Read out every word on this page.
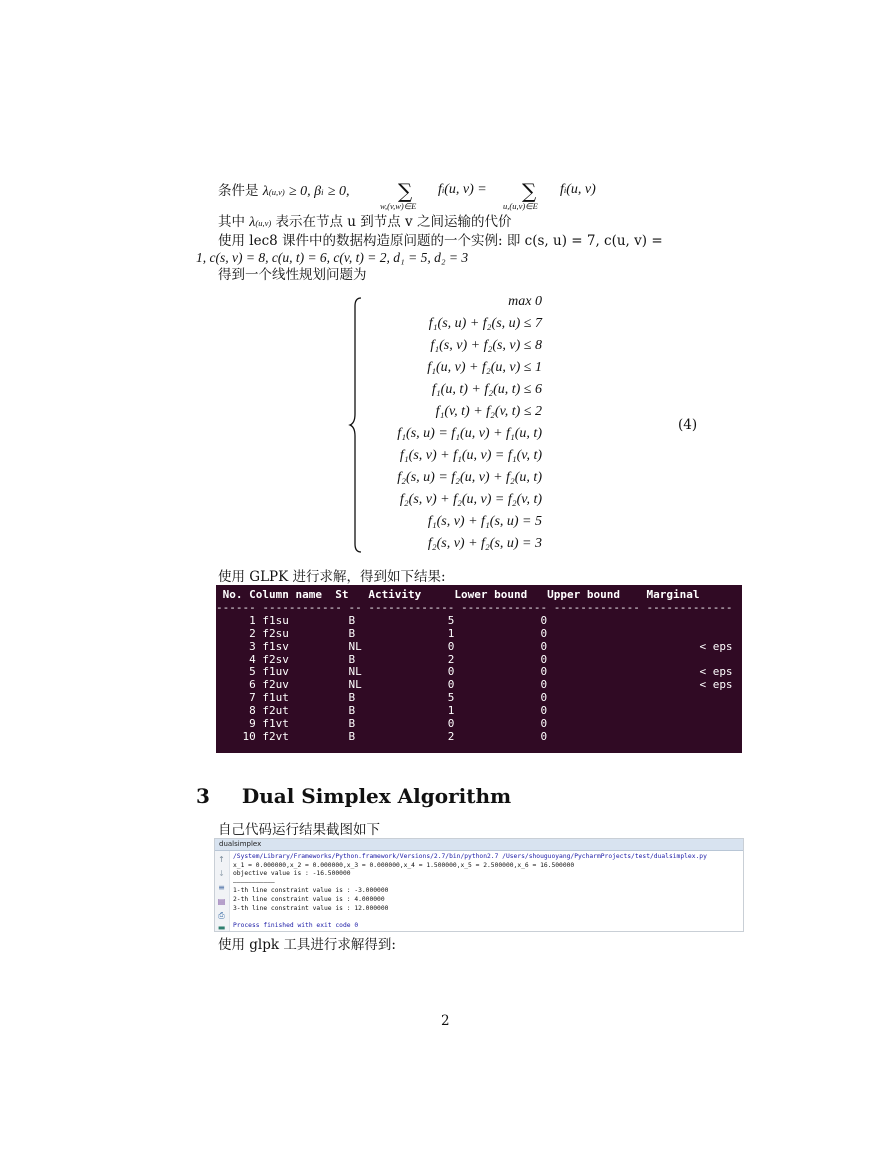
条件是 λ(u,v) ≥ 0, βi ≥ 0, ∑
w,(v,w)∈E
fi(u, v) = ∑
u,(u,v)∈E
fi(u, v)
其中 λ(u,v) 表示在节点 u 到节点 v 之间运输的代价
使用 lec8 课件中的数据构造原问题的一个实例: 即 c(s, u) = 7, c(u, v) =
1, c(s, v) = 8, c(u, t) = 6, c(v, t) = 2, d₁ = 5, d₂ = 3
得到一个线性规划问题为
max 0
f₁(s, u) + f₂(s, u) ≤ 7
f₁(s, v) + f₂(s, v) ≤ 8
f₁(u, v) + f₂(u, v) ≤ 1
f₁(u, t) + f₂(u, t) ≤ 6
f₁(v, t) + f₂(v, t) ≤ 2
f₁(s, u) = f₁(u, v) + f₁(u, t)
f₁(s, v) + f₁(u, v) = f₁(v, t)
f₂(s, u) = f₂(u, v) + f₂(u, t)
f₂(s, v) + f₂(u, v) = f₂(v, t)
f₁(s, v) + f₁(s, u) = 5
f₂(s, v) + f₂(s, u) = 3
(4)
使用 GLPK 进行求解，得到如下结果:
No. Column name  St   Activity     Lower bound   Upper bound    Marginal
------ ------------ -- ------------- ------------- ------------- -------------
1 f1su         B              5             0
2 f2su         B              1             0
3 f1sv         NL             0             0                       < eps
4 f2sv         B              2             0
5 f1uv         NL             0             0                       < eps
6 f2uv         NL             0             0                       < eps
7 f1ut         B              5             0
8 f2ut         B              1             0
9 f1vt         B              0             0
10 f2vt         B              2             0
3 Dual Simplex Algorithm
自己代码运行结果截图如下
dualsimplex
↑
↓
≡
▤
⎙
▬
/System/Library/Frameworks/Python.framework/Versions/2.7/bin/python2.7 /Users/shouguoyang/PycharmProjects/test/dualsimplex.py
x_1 = 0.000000,x_2 = 0.000000,x_3 = 0.000000,x_4 = 1.500000,x_5 = 2.500000,x_6 = 16.500000
objective value is : -16.500000
———————————
1-th line constraint value is : -3.000000
2-th line constraint value is : 4.000000
3-th line constraint value is : 12.000000
Process finished with exit code 0
使用 glpk 工具进行求解得到:
2
